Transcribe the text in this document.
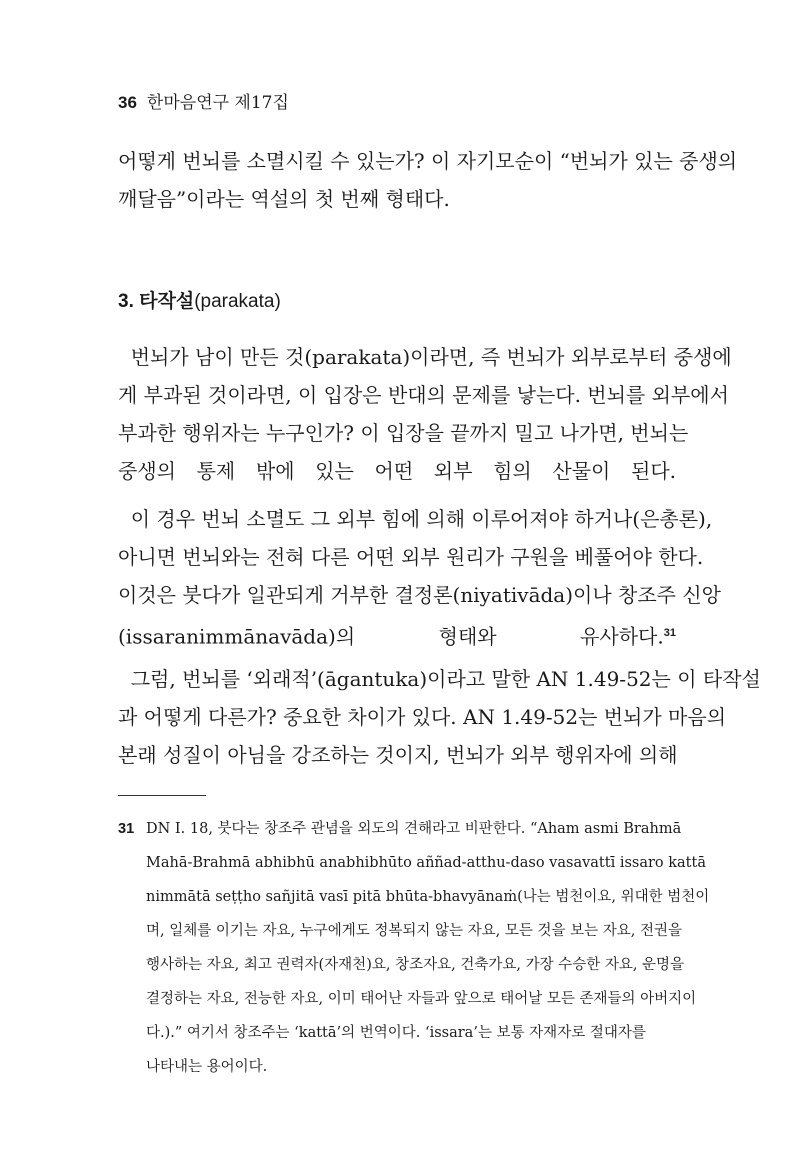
36 한마음연구 제17집
어떻게 번뇌를 소멸시킬 수 있는가? 이 자기모순이 “번뇌가 있는 중생의
깨달음”이라는 역설의 첫 번째 형태다.
3. 타작설(parakata)
번뇌가 남이 만든 것(parakata)이라면, 즉 번뇌가 외부로부터 중생에
게 부과된 것이라면, 이 입장은 반대의 문제를 낳는다. 번뇌를 외부에서
부과한 행위자는 누구인가? 이 입장을 끝까지 밀고 나가면, 번뇌는
중생의 통제 밖에 있는 어떤 외부 힘의 산물이 된다.
이 경우 번뇌 소멸도 그 외부 힘에 의해 이루어져야 하거나(은총론),
아니면 번뇌와는 전혀 다른 어떤 외부 원리가 구원을 베풀어야 한다.
이것은 붓다가 일관되게 거부한 결정론(niyativāda)이나 창조주 신앙
(issaranimmānavāda)의 형태와 유사하다.$^{31}$
그럼, 번뇌를 ‘외래적’(āgantuka)이라고 말한 AN 1.49-52는 이 타작설
과 어떻게 다른가? 중요한 차이가 있다. AN 1.49-52는 번뇌가 마음의
본래 성질이 아님을 강조하는 것이지, 번뇌가 외부 행위자에 의해
31 DN I. 18, 붓다는 창조주 관념을 외도의 견해라고 비판한다. “Aham asmi Brahmā
Mahā-Brahmā abhibhū anabhibhūto aññad-atthu-daso vasavattī issaro kattā
nimmātā seṭṭho sañjitā vasī pitā bhūta-bhavyānaṁ(나는 범천이요, 위대한 범천이
며, 일체를 이기는 자요, 누구에게도 정복되지 않는 자요, 모든 것을 보는 자요, 전권을
행사하는 자요, 최고 권력자(자재천)요, 창조자요, 건축가요, 가장 수승한 자요, 운명을
결정하는 자요, 전능한 자요, 이미 태어난 자들과 앞으로 태어날 모든 존재들의 아버지이
다.).” 여기서 창조주는 ‘kattā’의 번역이다. ‘issara’는 보통 자재자로 절대자를
나타내는 용어이다.
